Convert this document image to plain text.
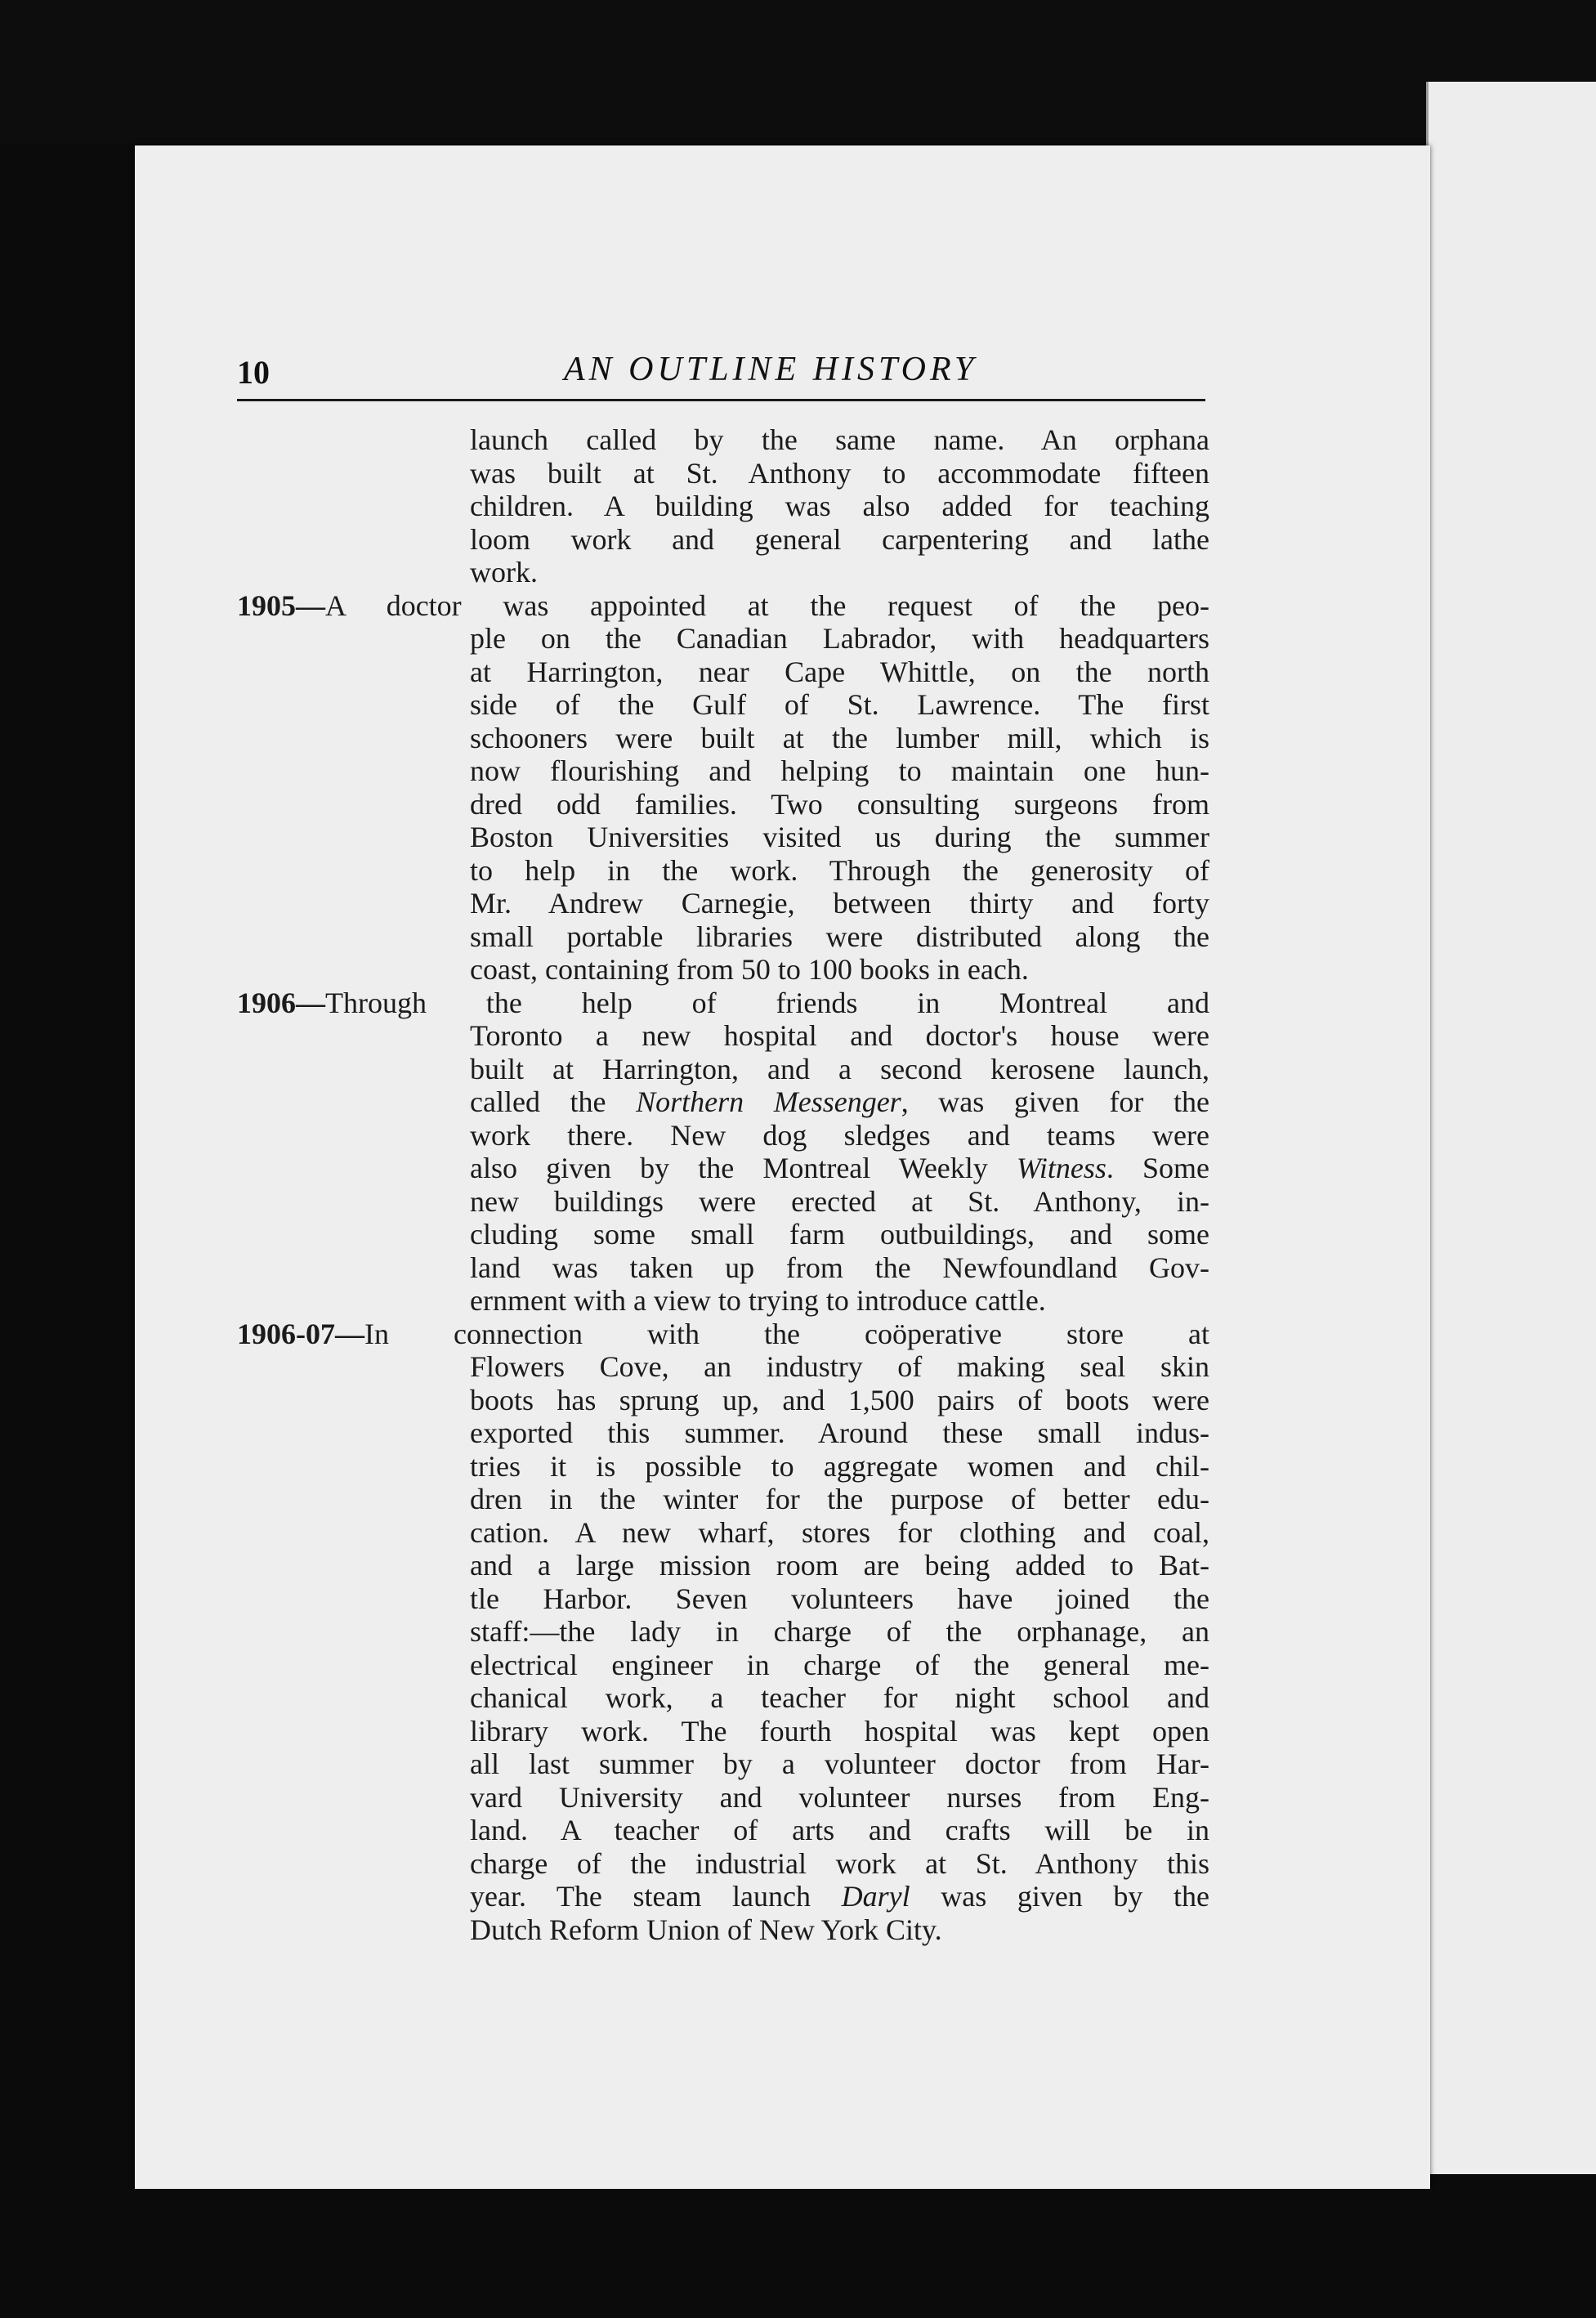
10	AN OUTLINE HISTORY
launch called by the same name. An orphana
was built at St. Anthony to accommodate fifteen
children. A building was also added for teaching
loom work and general carpentering and lathe
work.
1905—A doctor was appointed at the request of the peo-
ple on the Canadian Labrador, with headquarters
at Harrington, near Cape Whittle, on the north
side of the Gulf of St. Lawrence. The first
schooners were built at the lumber mill, which is
now flourishing and helping to maintain one hun-
dred odd families. Two consulting surgeons from
Boston Universities visited us during the summer
to help in the work. Through the generosity of
Mr. Andrew Carnegie, between thirty and forty
small portable libraries were distributed along the
coast, containing from 50 to 100 books in each.
1906—Through the help of friends in Montreal and
Toronto a new hospital and doctor's house were
built at Harrington, and a second kerosene launch,
called the Northern Messenger, was given for the
work there. New dog sledges and teams were
also given by the Montreal Weekly Witness. Some
new buildings were erected at St. Anthony, in-
cluding some small farm outbuildings, and some
land was taken up from the Newfoundland Gov-
ernment with a view to trying to introduce cattle.
1906-07—In connection with the coöperative store at
Flowers Cove, an industry of making seal skin
boots has sprung up, and 1,500 pairs of boots were
exported this summer. Around these small indus-
tries it is possible to aggregate women and chil-
dren in the winter for the purpose of better edu-
cation. A new wharf, stores for clothing and coal,
and a large mission room are being added to Bat-
tle Harbor. Seven volunteers have joined the
staff:—the lady in charge of the orphanage, an
electrical engineer in charge of the general me-
chanical work, a teacher for night school and
library work. The fourth hospital was kept open
all last summer by a volunteer doctor from Har-
vard University and volunteer nurses from Eng-
land. A teacher of arts and crafts will be in
charge of the industrial work at St. Anthony this
year. The steam launch Daryl was given by the
Dutch Reform Union of New York City.
